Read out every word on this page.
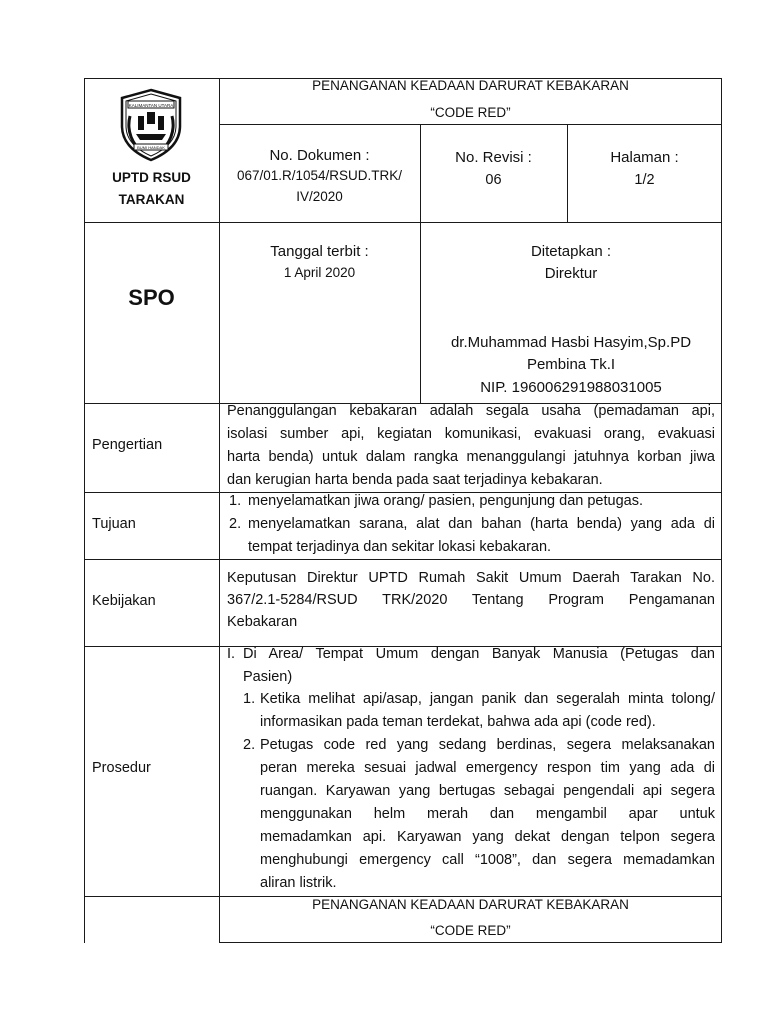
KALIMANTAN UTARA
BUMI HANDAK
PENANGANAN KEADAAN DARURAT KEBAKARAN
“CODE RED”
UPTD RSUD
TARAKAN
No. Dokumen :
067/01.R/1054/RSUD.TRK/
IV/2020
No. Revisi :
06
Halaman :
1/2
SPO
Tanggal terbit :
1 April 2020
Ditetapkan :
Direktur
dr.Muhammad Hasbi Hasyim,Sp.PD
Pembina Tk.I
NIP. 196006291988031005
Pengertian
Penanggulangan kebakaran adalah segala usaha (pemadaman api,
isolasi sumber api, kegiatan komunikasi, evakuasi orang, evakuasi
harta benda) untuk dalam rangka menanggulangi jatuhnya korban jiwa
dan kerugian harta benda pada saat terjadinya kebakaran.
Tujuan
1. menyelamatkan jiwa orang/ pasien, pengunjung dan petugas.
2. menyelamatkan sarana, alat dan bahan (harta benda) yang ada di
tempat terjadinya dan sekitar lokasi kebakaran.
Kebijakan
Keputusan Direktur UPTD Rumah Sakit Umum Daerah Tarakan No.
367/2.1-5284/RSUD TRK/2020 Tentang Program Pengamanan
Kebakaran
Prosedur
I. Di Area/ Tempat Umum dengan Banyak Manusia (Petugas dan
Pasien)
1. Ketika melihat api/asap, jangan panik dan segeralah minta tolong/
informasikan pada teman terdekat, bahwa ada api (code red).
2. Petugas code red yang sedang berdinas, segera melaksanakan
peran mereka sesuai jadwal emergency respon tim yang ada di
ruangan. Karyawan yang bertugas sebagai pengendali api segera
menggunakan helm merah dan mengambil apar untuk
memadamkan api. Karyawan yang dekat dengan telpon segera
menghubungi emergency call “1008”, dan segera memadamkan
aliran listrik.
PENANGANAN KEADAAN DARURAT KEBAKARAN
“CODE RED”
